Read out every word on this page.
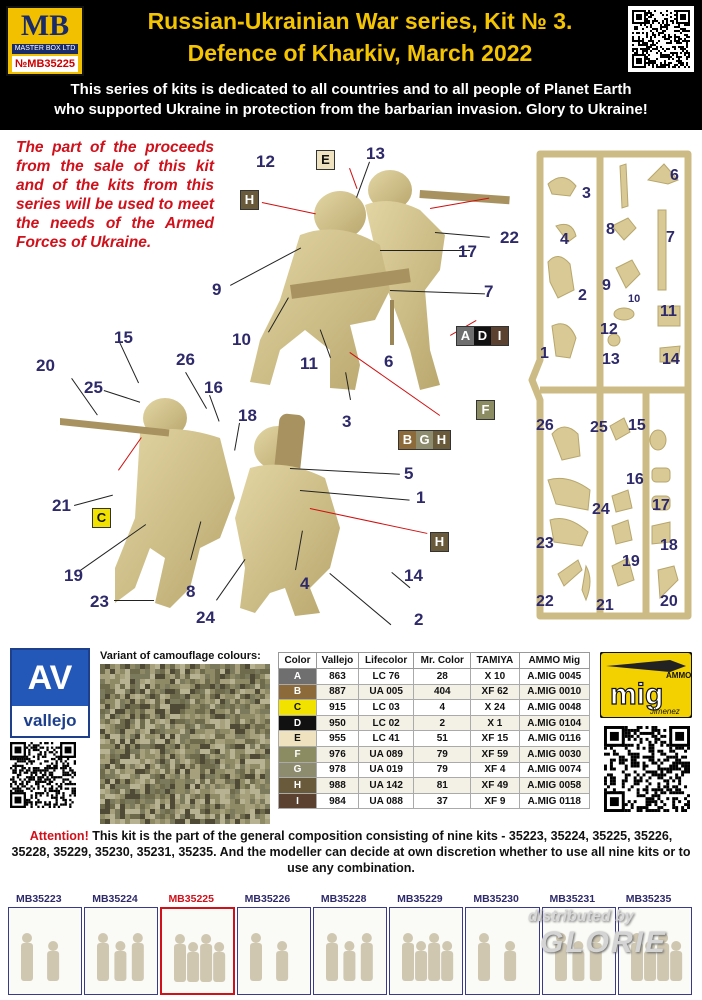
MB
MASTER BOX LTD
№MB35225
Russian-Ukrainian War series, Kit № 3.
Defence of Kharkiv, March 2022
This series of kits is dedicated to all countries and to all people of Planet Earth
who supported Ukraine in protection from the barbarian invasion. Glory to Ukraine!
The part of the proceeds from the sale of this kit and of the kits from this series will be used to meet the needs of the Armed Forces of Ukraine.
12	13
22
17
9	7
10
11	6
3
15
26
20
25	16
18
5
1
21
19
8	4	14
23
24	2
E
H
A D I
F
B G H
C
H
3
6
4
8	7
2
9
10
11
12
1	13	14
26 25 15
16
24	17
23	18
19
22	21	20
AV
vallejo
Variant of camouflage colours: Color	Vallejo	Lifecolor	Mr. Color	TAMIYA	AMMO Mig
A	863	LC 76	28	X 10	A.MIG 0045
B	887	UA 005	404	XF 62	A.MIG 0010
C	915	LC 03	4	X 24	A.MIG 0048
D	950	LC 02	2	X 1	A.MIG 0104
E	955	LC 41	51	XF 15	A.MIG 0116
F	976	UA 089	79	XF 59	A.MIG 0030
G	978	UA 019	79	XF 4	A.MIG 0074
H	988	UA 142	81	XF 49	A.MIG 0058
I	984	UA 088	37	XF 9	A.MIG 0118
AMMO
mig
Jimenez
Attention! This kit is the part of the general composition consisting of nine kits - 35223, 35224, 35225, 35226, 35228, 35229, 35230, 35231, 35235. And the modeller can decide at own discretion whether to use all nine kits or to use any combination.
MB35223	MB35224	MB35225	MB35226	MB35228	MB35229	MB35230	MB35231	MB35235
distributed by
GLORIE
